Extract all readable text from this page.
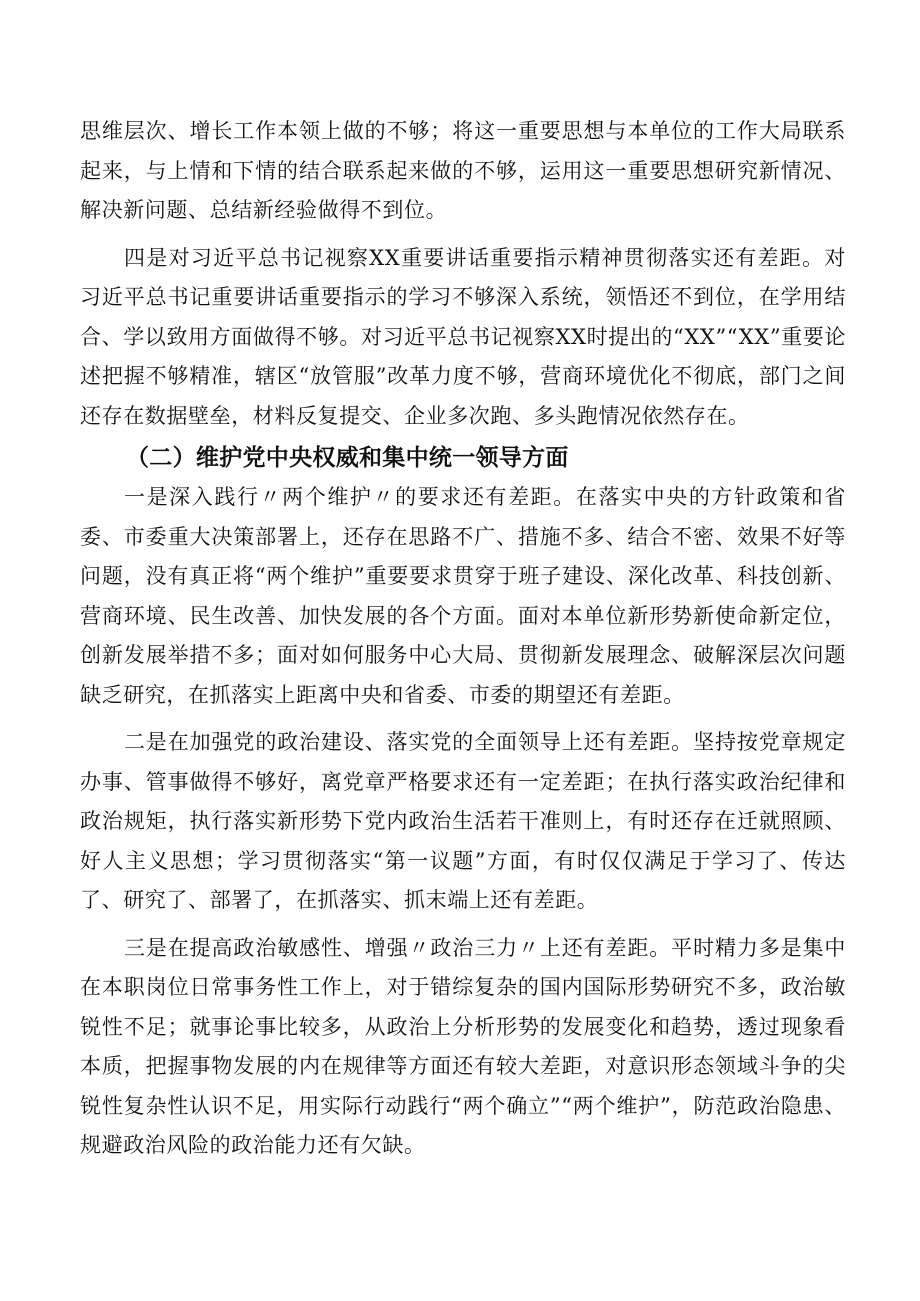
思维层次、增长工作本领上做的不够；将这一重要思想与本单位的工作大局联系起来，与上情和下情的结合联系起来做的不够，运用这一重要思想研究新情况、解决新问题、总结新经验做得不到位。

四是对习近平总书记视察XX重要讲话重要指示精神贯彻落实还有差距。对习近平总书记重要讲话重要指示的学习不够深入系统，领悟还不到位，在学用结合、学以致用方面做得不够。对习近平总书记视察XX时提出的“XX”“XX”重要论述把握不够精准，辖区“放管服”改革力度不够，营商环境优化不彻底，部门之间还存在数据壁垒，材料反复提交、企业多次跑、多头跑情况依然存在。

（二）维护党中央权威和集中统一领导方面

一是深入践行〃两个维护〃的要求还有差距。在落实中央的方针政策和省委、市委重大决策部署上，还存在思路不广、措施不多、结合不密、效果不好等问题，没有真正将“两个维护”重要要求贯穿于班子建设、深化改革、科技创新、营商环境、民生改善、加快发展的各个方面。面对本单位新形势新使命新定位，创新发展举措不多；面对如何服务中心大局、贯彻新发展理念、破解深层次问题缺乏研究，在抓落实上距离中央和省委、市委的期望还有差距。

二是在加强党的政治建设、落实党的全面领导上还有差距。坚持按党章规定办事、管事做得不够好，离党章严格要求还有一定差距；在执行落实政治纪律和政治规矩，执行落实新形势下党内政治生活若干准则上，有时还存在迁就照顾、好人主义思想；学习贯彻落实“第一议题”方面，有时仅仅满足于学习了、传达了、研究了、部署了，在抓落实、抓末端上还有差距。

三是在提高政治敏感性、增强〃政治三力〃上还有差距。平时精力多是集中在本职岗位日常事务性工作上，对于错综复杂的国内国际形势研究不多，政治敏锐性不足；就事论事比较多，从政治上分析形势的发展变化和趋势，透过现象看本质，把握事物发展的内在规律等方面还有较大差距，对意识形态领域斗争的尖锐性复杂性认识不足，用实际行动践行“两个确立”“两个维护”，防范政治隐患、规避政治风险的政治能力还有欠缺。
